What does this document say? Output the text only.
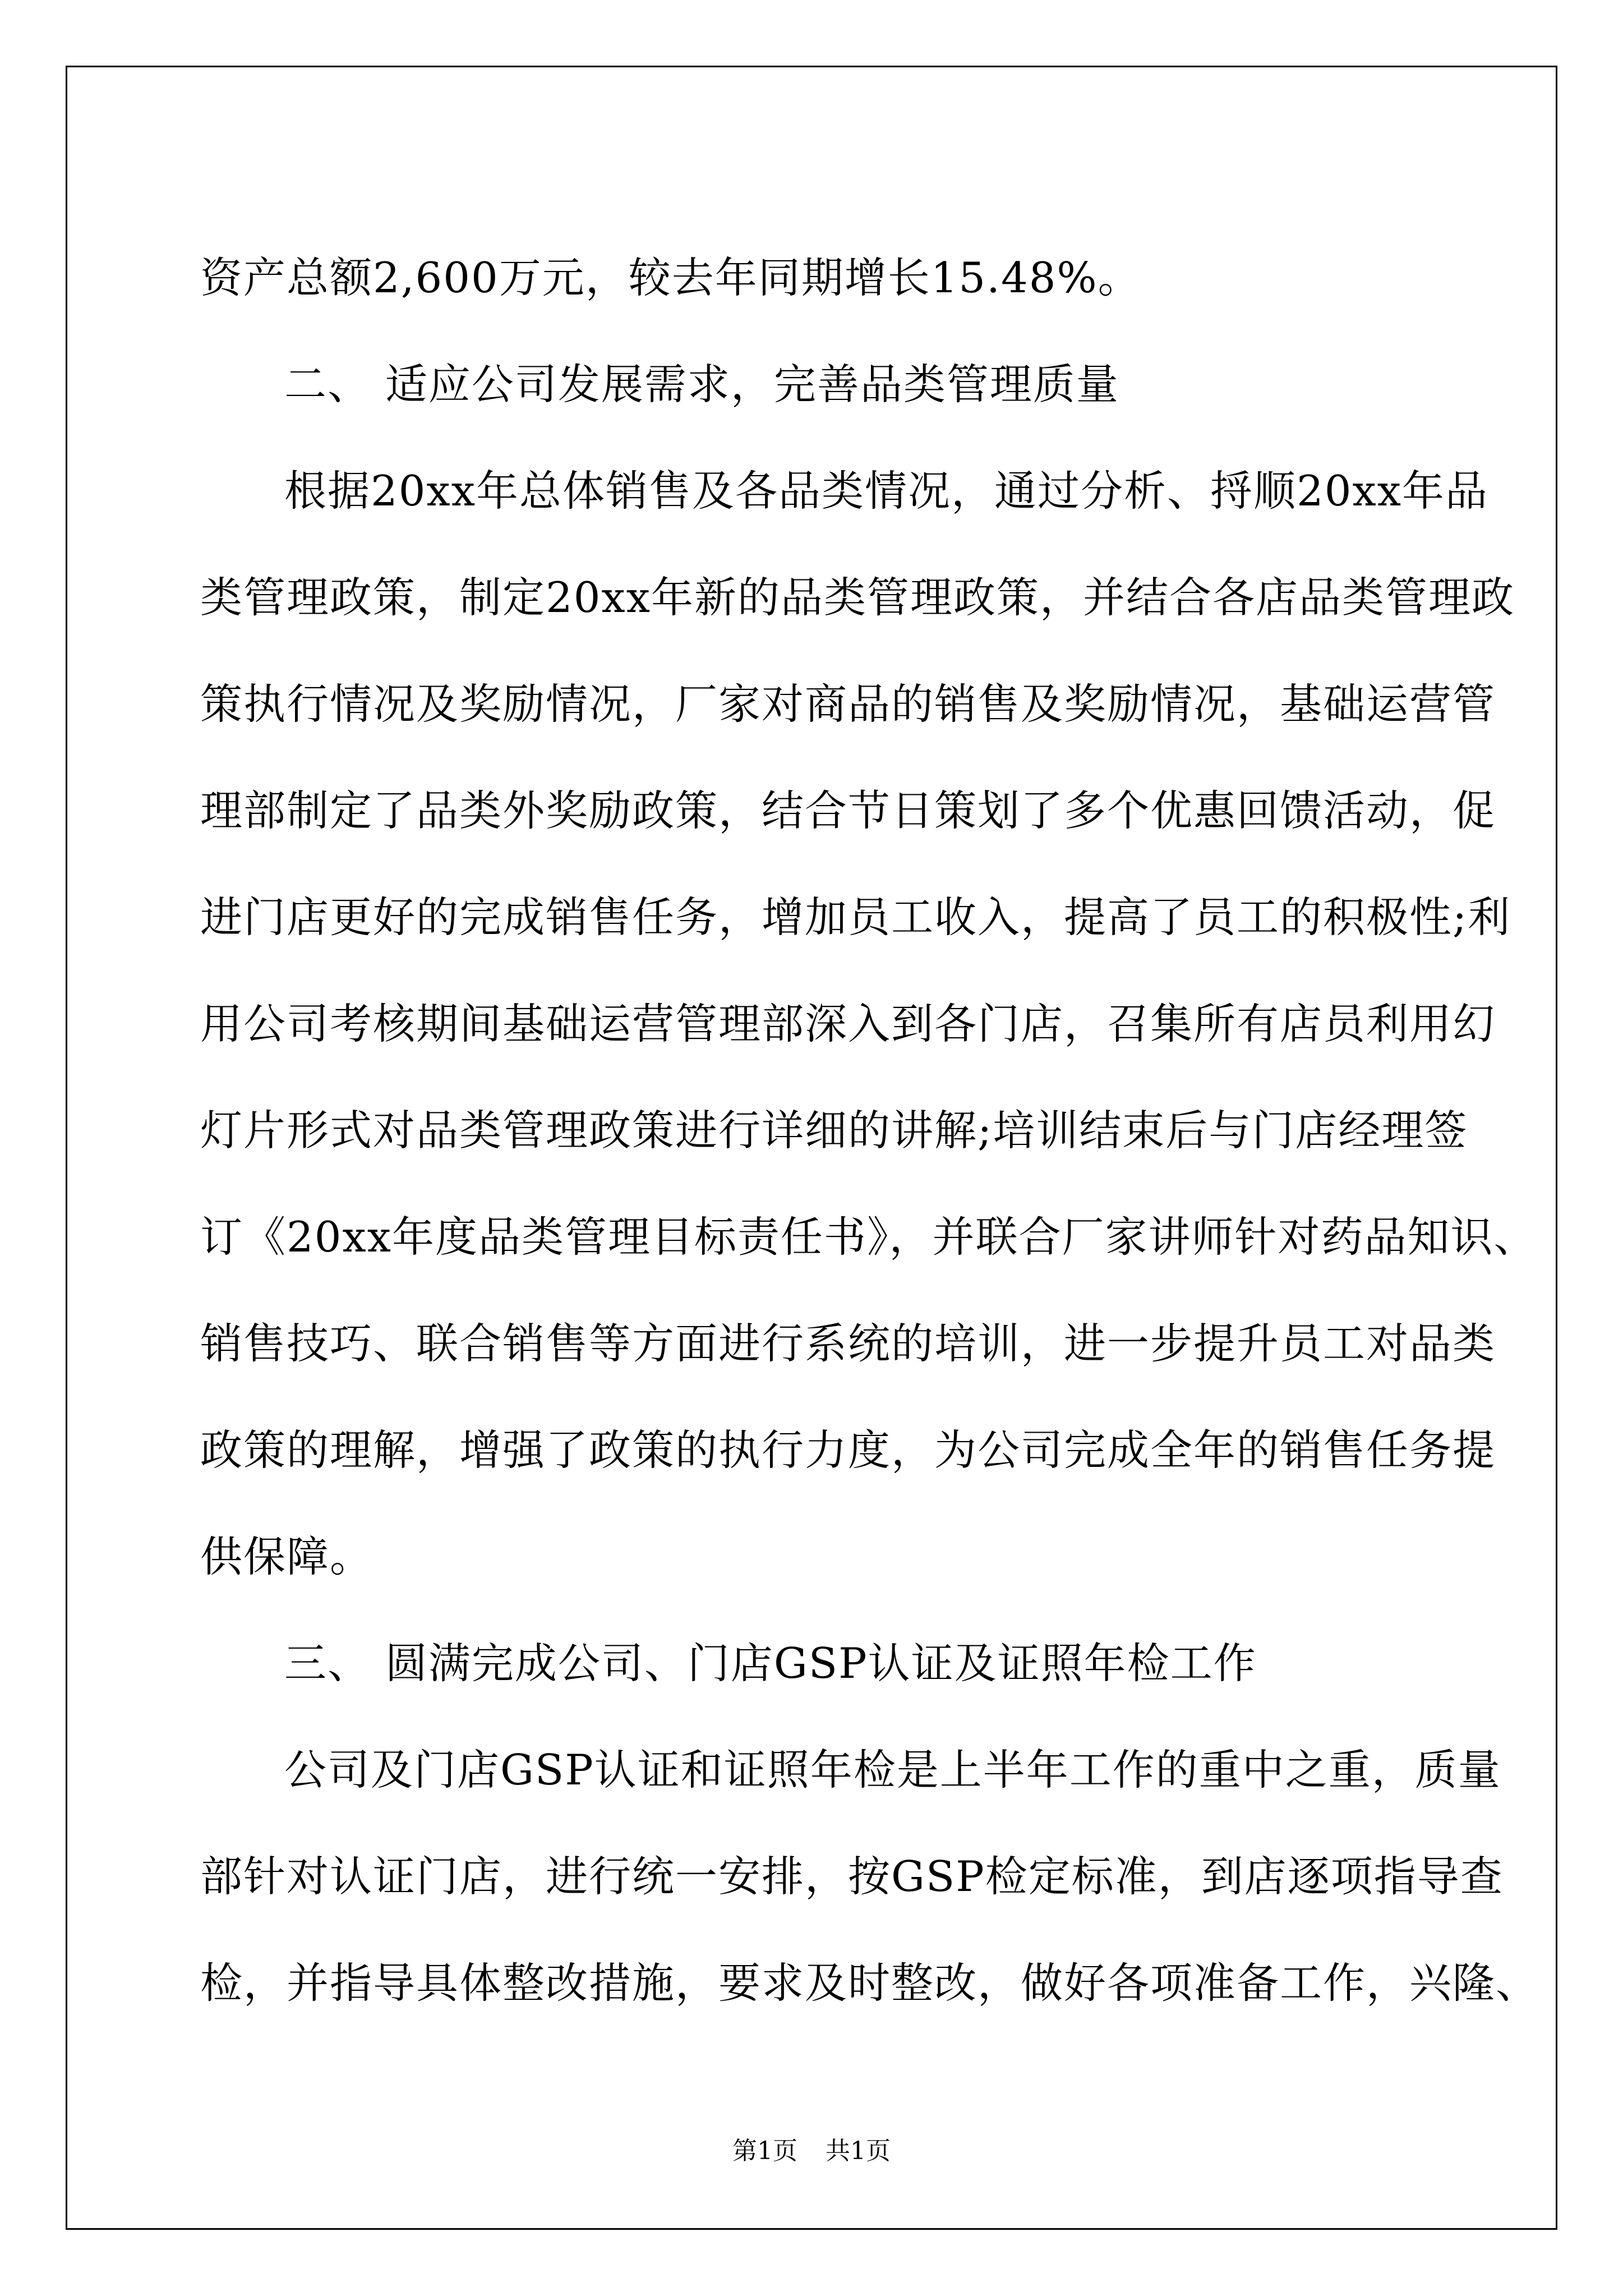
资产总额2,600万元，较去年同期增长15.48%。
二、 适应公司发展需求，完善品类管理质量
根据20xx年总体销售及各品类情况，通过分析、捋顺20xx年品
类管理政策，制定20xx年新的品类管理政策，并结合各店品类管理政
策执行情况及奖励情况，厂家对商品的销售及奖励情况，基础运营管
理部制定了品类外奖励政策，结合节日策划了多个优惠回馈活动，促
进门店更好的完成销售任务，增加员工收入，提高了员工的积极性;利
用公司考核期间基础运营管理部深入到各门店，召集所有店员利用幻
灯片形式对品类管理政策进行详细的讲解;培训结束后与门店经理签
订《20xx年度品类管理目标责任书》，并联合厂家讲师针对药品知识、
销售技巧、联合销售等方面进行系统的培训，进一步提升员工对品类
政策的理解，增强了政策的执行力度，为公司完成全年的销售任务提
供保障。
三、 圆满完成公司、门店GSP认证及证照年检工作
公司及门店GSP认证和证照年检是上半年工作的重中之重，质量
部针对认证门店，进行统一安排，按GSP检定标准，到店逐项指导查
检，并指导具体整改措施，要求及时整改，做好各项准备工作，兴隆、
第1页 共1页
